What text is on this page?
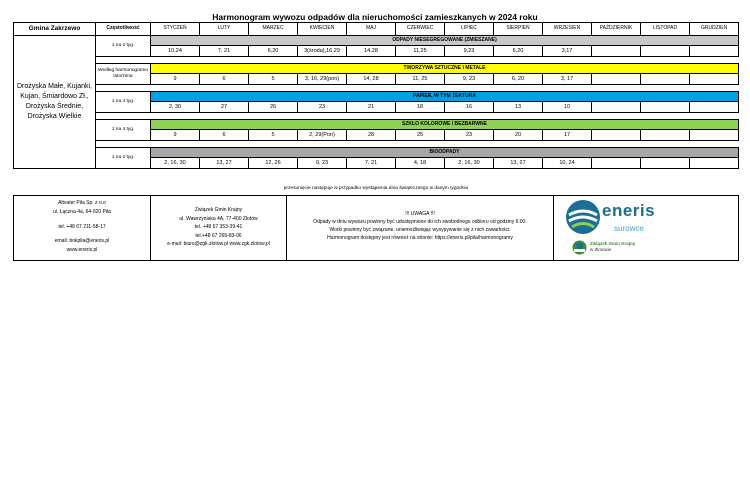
Harmonogram wywozu odpadów dla nieruchomości zamieszkanych w 2024 roku
Gmina Zakrzewo	Częstotliwość	STYCZEŃ	LUTY	MARZEC	KWIECIEŃ	MAJ	CZERWIEC	LIPIEC	SIERPIEŃ	WRZESIEŃ	PAŹDZIERNIK	LISTOPAD	GRUDZIEŃ
Drożyska Małe, Kujanki, Kujan, Śmiardowo Zł., Drożyska Średnie, Drożyska Wielkie	1 na 2 tyg.	ODPADY NIESEGREGOWANE (ZMIESZANE)											
		10,24	7, 21	6,20	3(środa),16,29	14,28	11,25	9,23	6,20	3,17			

	Według harmonogramu lato/zima	TWORZYWA SZTUCZNE I METALE											
		9	6	5	3, 16, 29(pon)	14, 28	11, 25	9, 23	6, 20	3, 17			

	1 na 4 tyg.	PAPIER, W TYM TEKTURA											
		2, 30	27	26	23	21	18	16	13	10			

	1 na 4 tyg.	SZKŁO KOLOROWE I BEZBARWNE											
		9	6	5	2, 29(Pon)	28	25	23	20	17			

	1 na 2 tyg.	BIOODPADY											
		2, 16, 30	13, 27	12, 26	9, 23	7, 21	4, 18	2, 16, 30	13, 27	10, 24			
przesunięcie następuje w przypadku wystąpienia dnia świątecznego w danym tygodniu
Altvater Piła Sp. z o.o
ul. Łączna 4a, 64-920 Piła
tel. +48 67 211-58-17
email: bokpila@eneris.pl
www.eneris.pl
Związek Gmin Krajny
ul. Wawrzyniaka 4A, 77-400 Złotów
tel. +48 67 353-39-41
tel.+48 67 265-83-06
e-mail: biuro@zgk.zlotow.pl www.zgk.zlotow.pl
!!! UWAGA !!!
Odpady w dniu wywozu powinny być udostępnione do ich swobodnego odbioru od godziny 6:00.
Worki powinny być związane, uniemożliwiając wysypywanie się z nich zawartości.
Harmonogram dostępny jest również na stronie: https://eneris.pl/pila/harmonogramy
eneris
surowce
Związek Gmin Krajny
w Złotowie
